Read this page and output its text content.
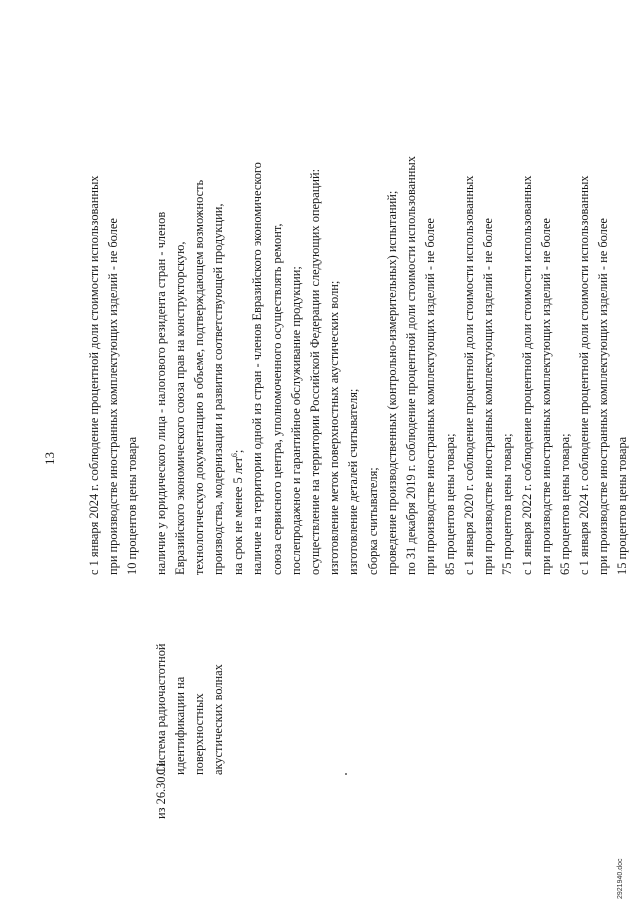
13 с 1 января 2024 г. соблюдение процентной доли стоимости использованных при производстве иностранных комплектующих изделий - не более 10 процентов цены товара
из 26.30.11
Система радиочастотной идентификации на поверхностных акустических волнах
наличие у юридического лица - налогового резидента стран - членов Евразийского экономического союза прав на конструкторскую, технологическую документацию в объеме, подтверждающем возможность производства, модернизации и развития соответствующей продукции, на срок не менее 5 лет$^6$; наличие на территории одной из стран - членов Евразийского экономического союза сервисного центра, уполномоченного осуществлять ремонт, послепродажное и гарантийное обслуживание продукции; осуществление на территории Российской Федерации следующих операций: изготовление меток поверхностных акустических волн; изготовление деталей считывателя; сборка считывателя; проведение производственных (контрольно-измерительных) испытаний; по 31 декабря 2019 г. соблюдение процентной доли стоимости использованных при производстве иностранных комплектующих изделий - не более 85 процентов цены товара; с 1 января 2020 г. соблюдение процентной доли стоимости использованных при производстве иностранных комплектующих изделий - не более 75 процентов цены товара; с 1 января 2022 г. соблюдение процентной доли стоимости использованных при производстве иностранных комплектующих изделий - не более 65 процентов цены товара; с 1 января 2024 г. соблюдение процентной доли стоимости использованных при производстве иностранных комплектующих изделий - не более 15 процентов цены товара
2921940.doc
